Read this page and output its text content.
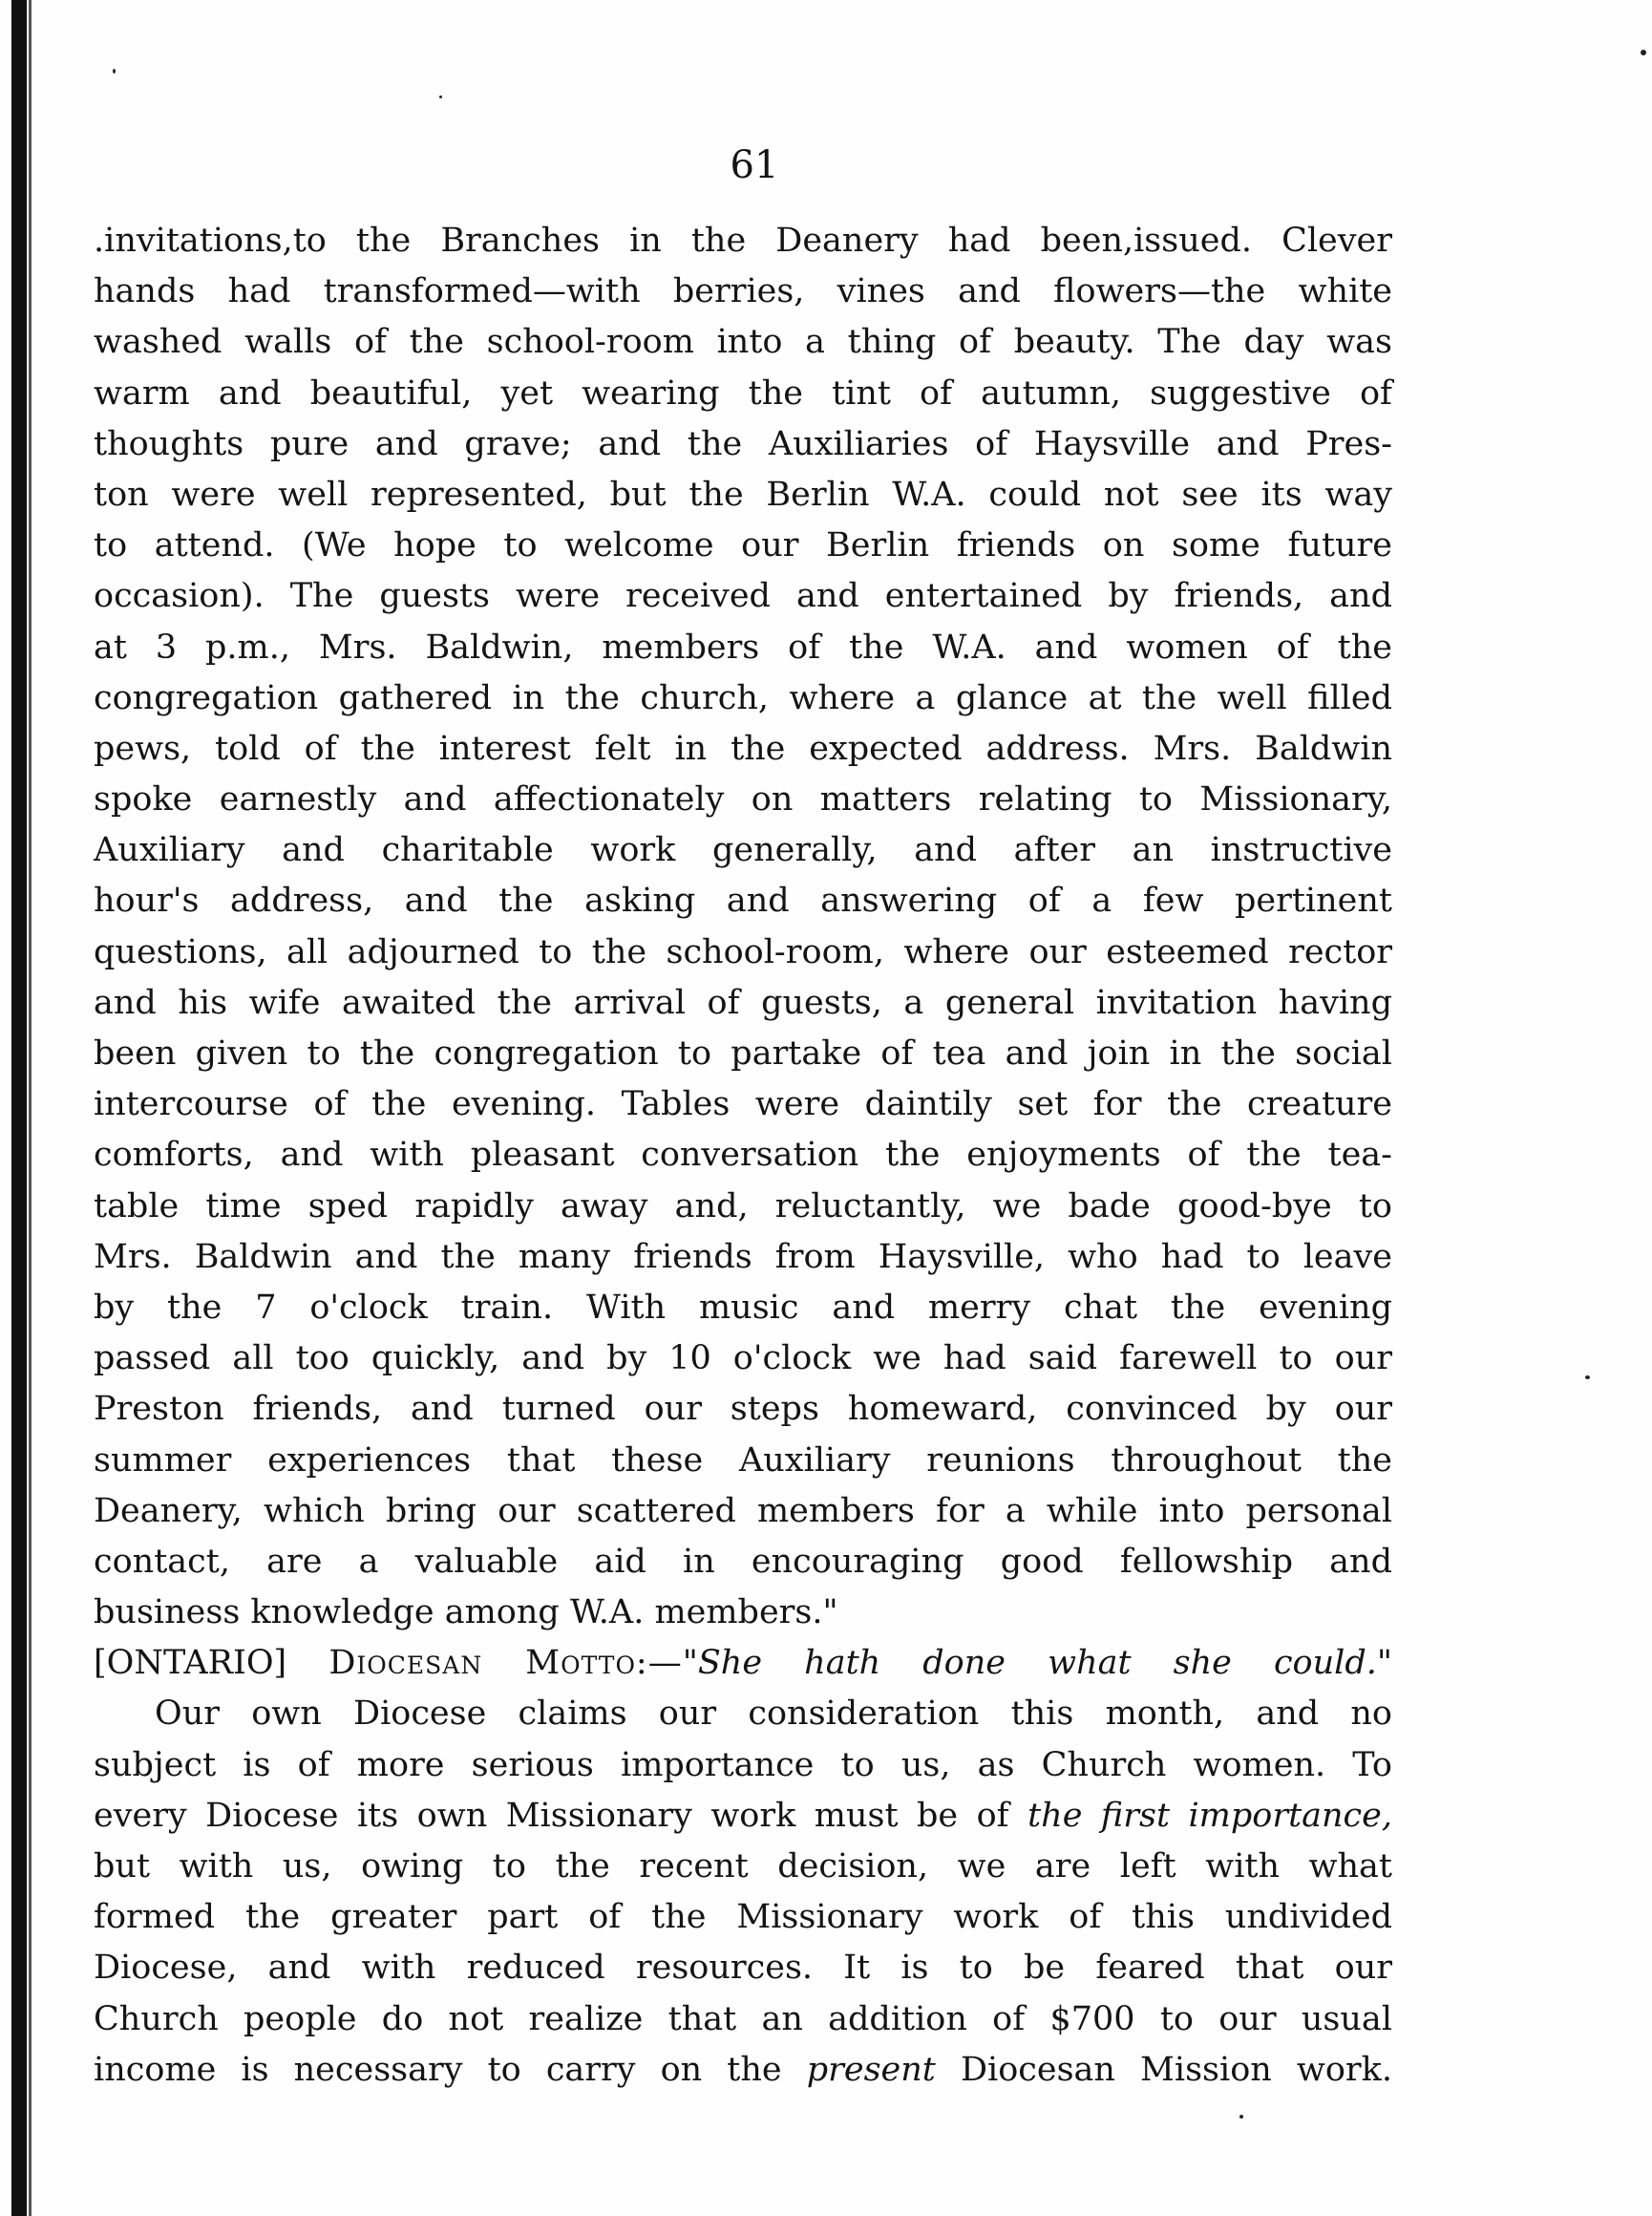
61
.invitations,to the Branches in the Deanery had been,issued. Clever
hands had transformed—with berries, vines and flowers—the white
washed walls of the school-room into a thing of beauty. The day was
warm and beautiful, yet wearing the tint of autumn, suggestive of
thoughts pure and grave; and the Auxiliaries of Haysville and Pres-
ton were well represented, but the Berlin W.A. could not see its way
to attend. (We hope to welcome our Berlin friends on some future
occasion). The guests were received and entertained by friends, and
at 3 p.m., Mrs. Baldwin, members of the W.A. and women of the
congregation gathered in the church, where a glance at the well filled
pews, told of the interest felt in the expected address. Mrs. Baldwin
spoke earnestly and affectionately on matters relating to Missionary,
Auxiliary and charitable work generally, and after an instructive
hour's address, and the asking and answering of a few pertinent
questions, all adjourned to the school-room, where our esteemed rector
and his wife awaited the arrival of guests, a general invitation having
been given to the congregation to partake of tea and join in the social
intercourse of the evening. Tables were daintily set for the creature
comforts, and with pleasant conversation the enjoyments of the tea-
table time sped rapidly away and, reluctantly, we bade good-bye to
Mrs. Baldwin and the many friends from Haysville, who had to leave
by the 7 o'clock train. With music and merry chat the evening
passed all too quickly, and by 10 o'clock we had said farewell to our
Preston friends, and turned our steps homeward, convinced by our
summer experiences that these Auxiliary reunions throughout the
Deanery, which bring our scattered members for a while into personal
contact, are a valuable aid in encouraging good fellowship and
business knowledge among W.A. members."
[ONTARIO] Diocesan Motto:—"She hath done what she could."
Our own Diocese claims our consideration this month, and no
subject is of more serious importance to us, as Church women. To
every Diocese its own Missionary work must be of the first importance,
but with us, owing to the recent decision, we are left with what
formed the greater part of the Missionary work of this undivided
Diocese, and with reduced resources. It is to be feared that our
Church people do not realize that an addition of $700 to our usual
income is necessary to carry on the present Diocesan Mission work.
